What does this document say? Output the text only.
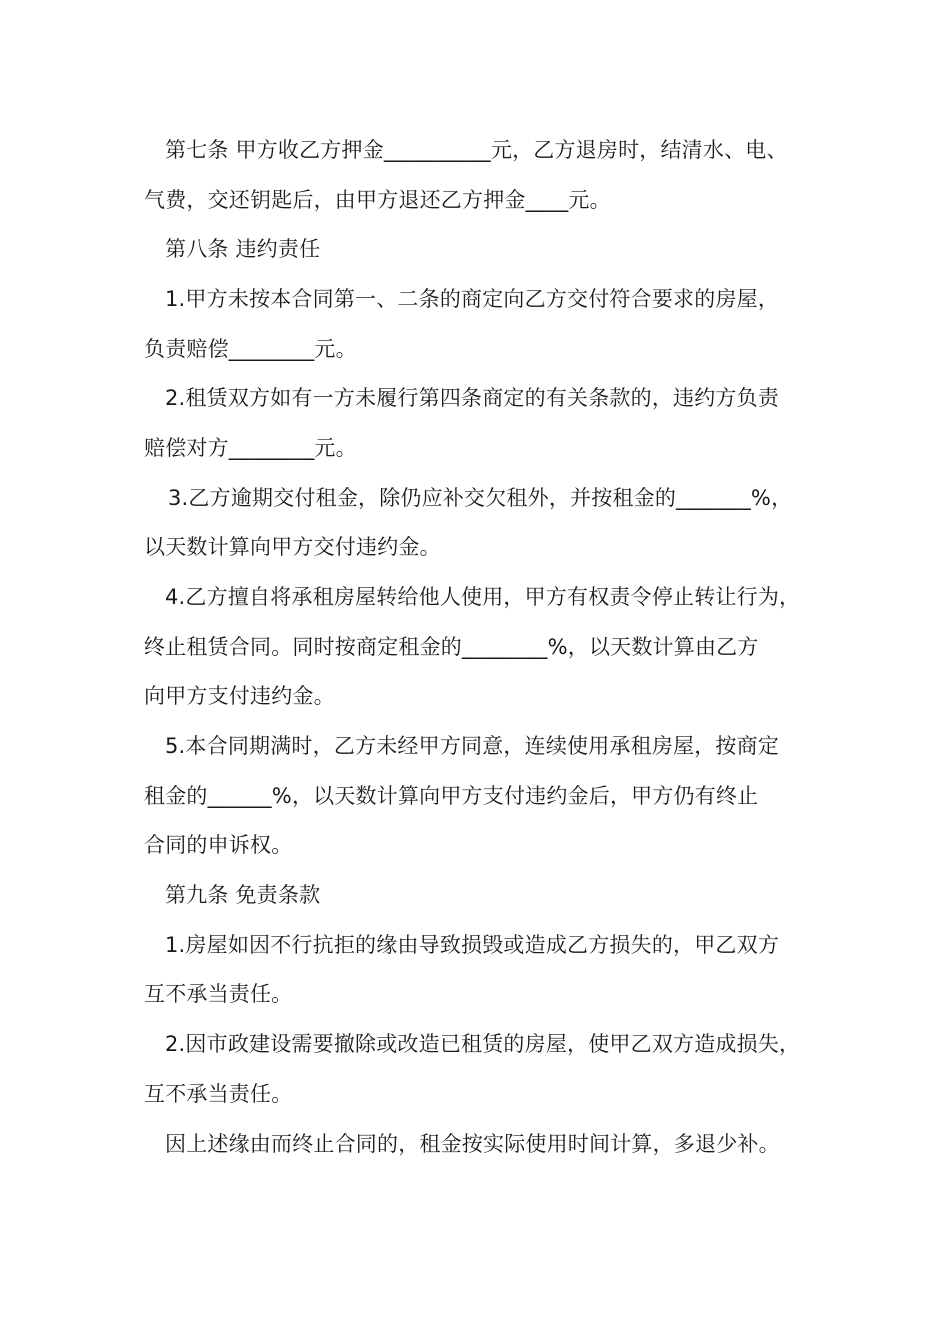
第七条 甲方收乙方押金__________元，乙方退房时，结清水、电、
气费，交还钥匙后，由甲方退还乙方押金____元。
第八条 违约责任
1.甲方未按本合同第一、二条的商定向乙方交付符合要求的房屋，
负责赔偿________元。
2.租赁双方如有一方未履行第四条商定的有关条款的，违约方负责
赔偿对方________元。
3.乙方逾期交付租金，除仍应补交欠租外，并按租金的_______%，
以天数计算向甲方交付违约金。
4.乙方擅自将承租房屋转给他人使用，甲方有权责令停止转让行为，
终止租赁合同。同时按商定租金的________%，以天数计算由乙方
向甲方支付违约金。
5.本合同期满时，乙方未经甲方同意，连续使用承租房屋，按商定
租金的______%，以天数计算向甲方支付违约金后，甲方仍有终止
合同的申诉权。
第九条 免责条款
1.房屋如因不行抗拒的缘由导致损毁或造成乙方损失的，甲乙双方
互不承当责任。
2.因市政建设需要撤除或改造已租赁的房屋，使甲乙双方造成损失，
互不承当责任。
因上述缘由而终止合同的，租金按实际使用时间计算，多退少补。
